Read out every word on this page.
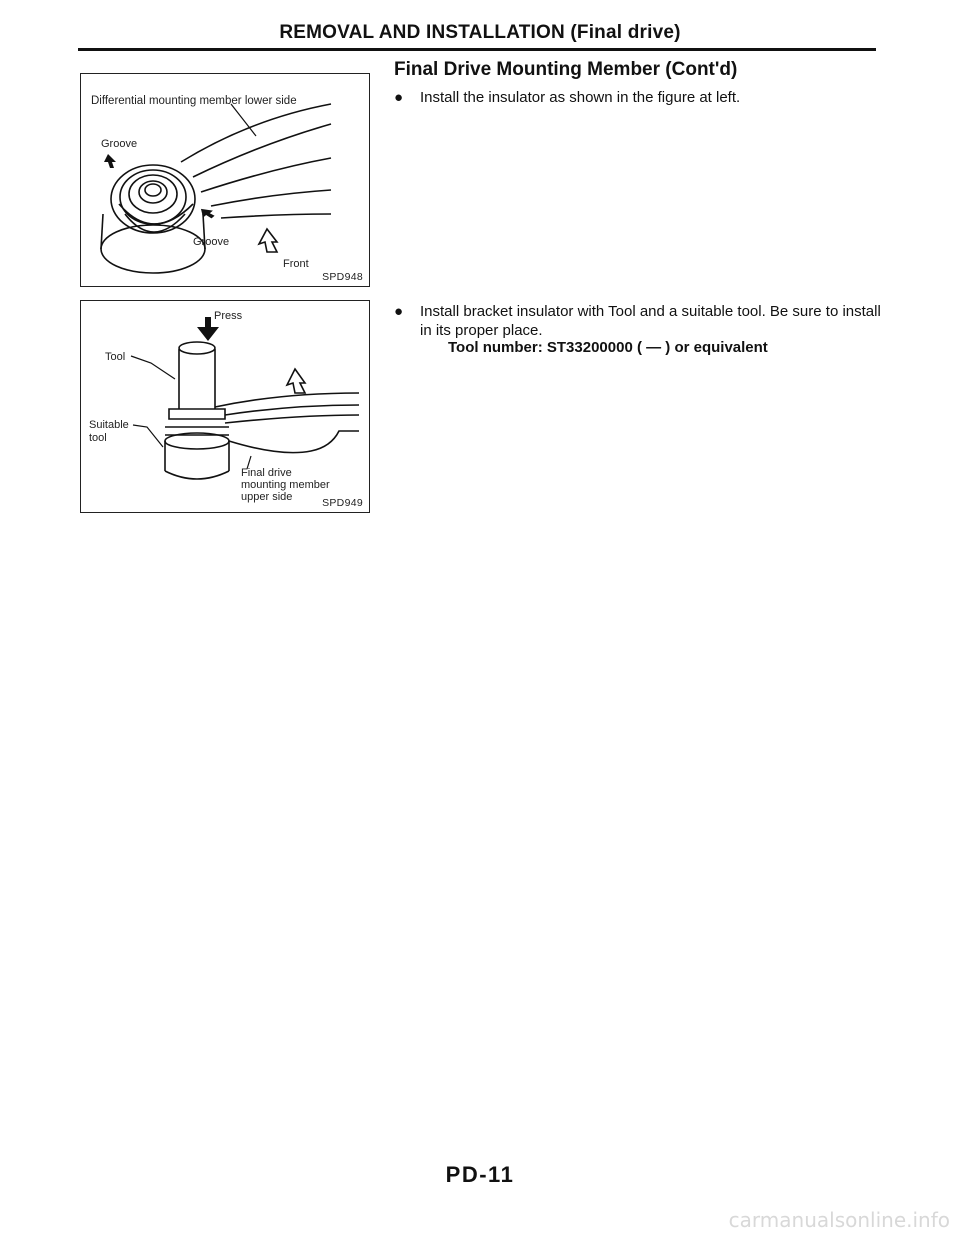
REMOVAL AND INSTALLATION (Final drive)
Differential mounting member lower side
Groove
Groove
Front
SPD948
Press
Tool
Suitable
tool
Final drive
mounting member
upper side	SPD949
Final Drive Mounting Member (Cont'd)
● Install the insulator as shown in the figure at left.
● Install bracket insulator with Tool and a suitable tool. Be sure to install in its proper place.
Tool number: ST33200000 ( — ) or equivalent
PD-11
carmanualsonline.info
